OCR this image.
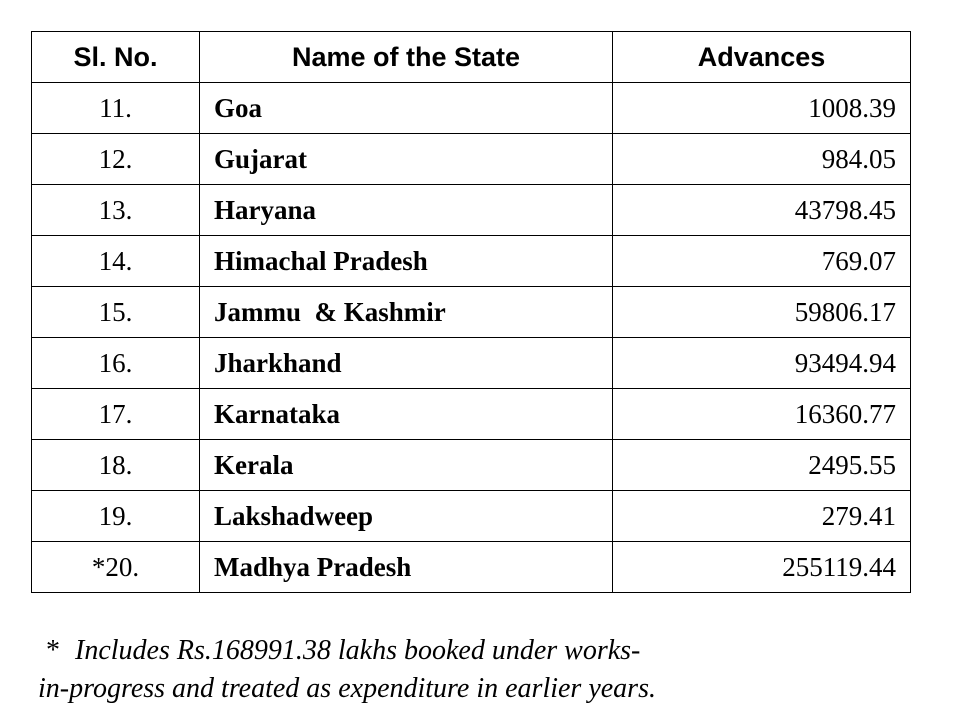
Sl. No.	Name of the State	Advances
11.	Goa	1008.39
12.	Gujarat	984.05
13.	Haryana	43798.45
14.	Himachal Pradesh	769.07
15.	Jammu  & Kashmir	59806.17
16.	Jharkhand	93494.94
17.	Karnataka	16360.77
18.	Kerala	2495.55
19.	Lakshadweep	279.41
*20.	Madhya Pradesh	255119.44
* Includes Rs.168991.38 lakhs booked under works-
in-progress and treated as expenditure in earlier years.
